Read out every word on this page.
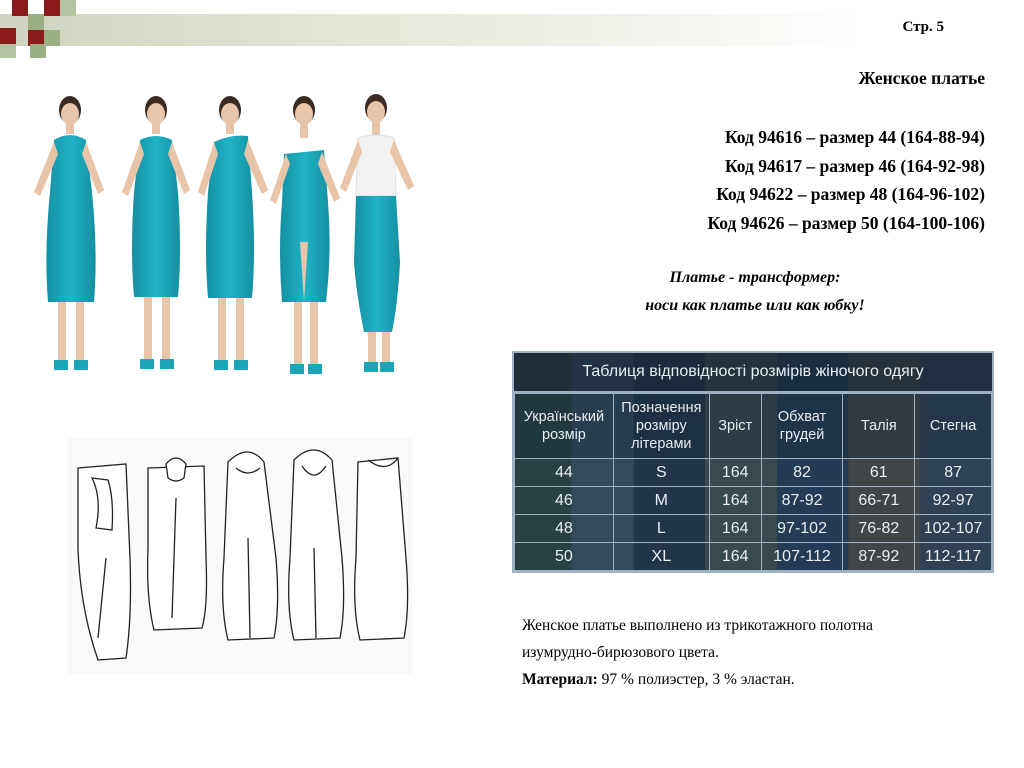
Стр. 5
Женское платье
Код 94616 – размер 44 (164-88-94)
Код 94617 – размер 46 (164-92-98)
Код 94622 – размер 48 (164-96-102)
Код 94626 – размер 50 (164-100-106)
Платье - трансформер:
носи как платье или как юбку!
Таблиця відповідності розмірів жіночого одягу
Український розмір	Позначення розміру літерами	Зріст	Обхват грудей	Талія	Стегна
44	S	164	82	61	87
46	M	164	87-92	66-71	92-97
48	L	164	97-102	76-82	102-107
50	XL	164	107-112	87-92	112-117
Женское платье выполнено из трикотажного полотна
изумрудно-бирюзового цвета.
Материал: 97 % полиэстер, 3 % эластан.
